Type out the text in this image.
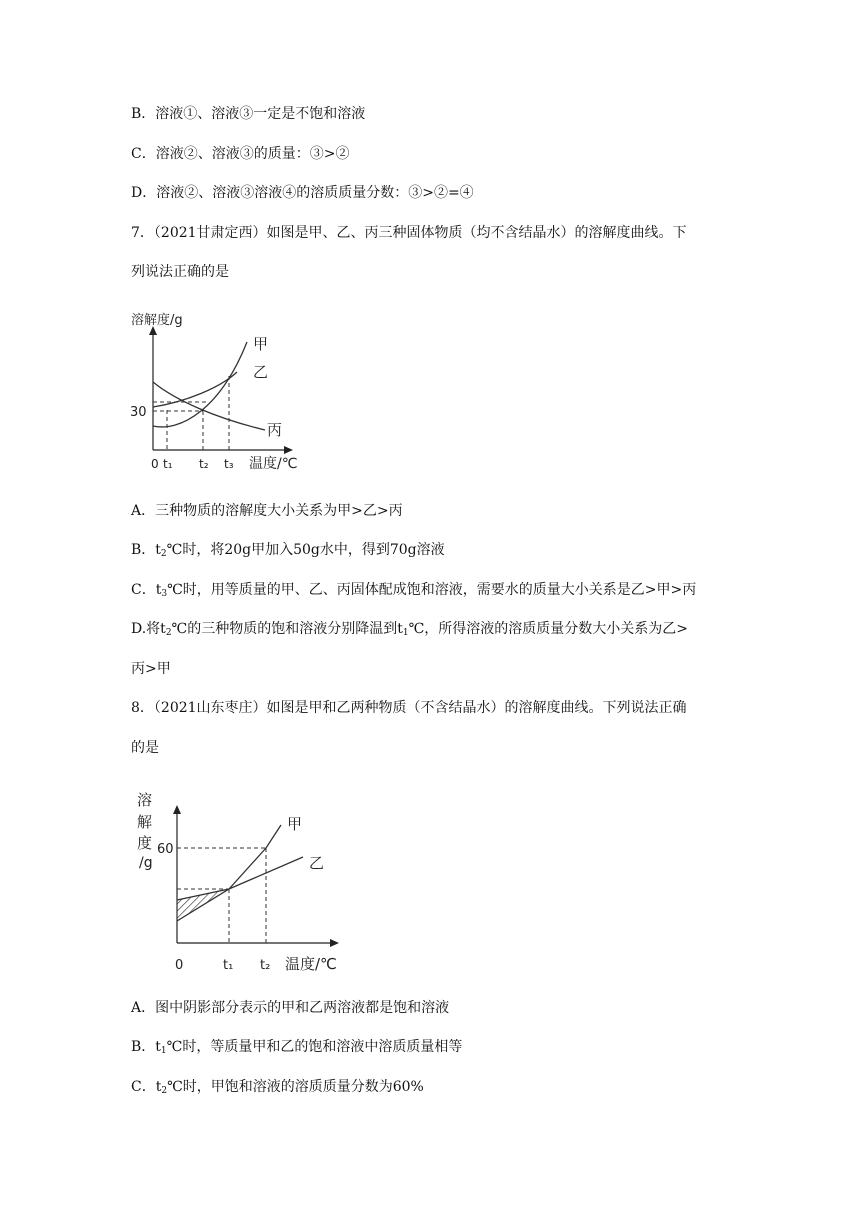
B．溶液①、溶液③一定是不饱和溶液
C．溶液②、溶液③的质量：③>②
D．溶液②、溶液③溶液④的溶质质量分数：③>②=④
7．（2021甘肃定西）如图是甲、乙、丙三种固体物质（均不含结晶水）的溶解度曲线。下
列说法正确的是
溶解度/g
30
0 t₁ t₂ t₃ 温度/℃
甲
乙
丙
A．三种物质的溶解度大小关系为甲>乙>丙
B．$t_2℃$时，将20g甲加入50g水中，得到70g溶液
C．$t_3℃$时，用等质量的甲、乙、丙固体配成饱和溶液，需要水的质量大小关系是乙>甲>丙
D.将$t_2℃$的三种物质的饱和溶液分别降温到$t_1℃$，所得溶液的溶质质量分数大小关系为乙>
丙>甲
8．（2021山东枣庄）如图是甲和乙两种物质（不含结晶水）的溶解度曲线。下列说法正确
的是
溶
解
度
/g
60
0	t₁ t₂ 温度/℃
甲
乙
A．图中阴影部分表示的甲和乙两溶液都是饱和溶液
B．$t_1℃$时，等质量甲和乙的饱和溶液中溶质质量相等
C．$t_2℃$时，甲饱和溶液的溶质质量分数为60%
